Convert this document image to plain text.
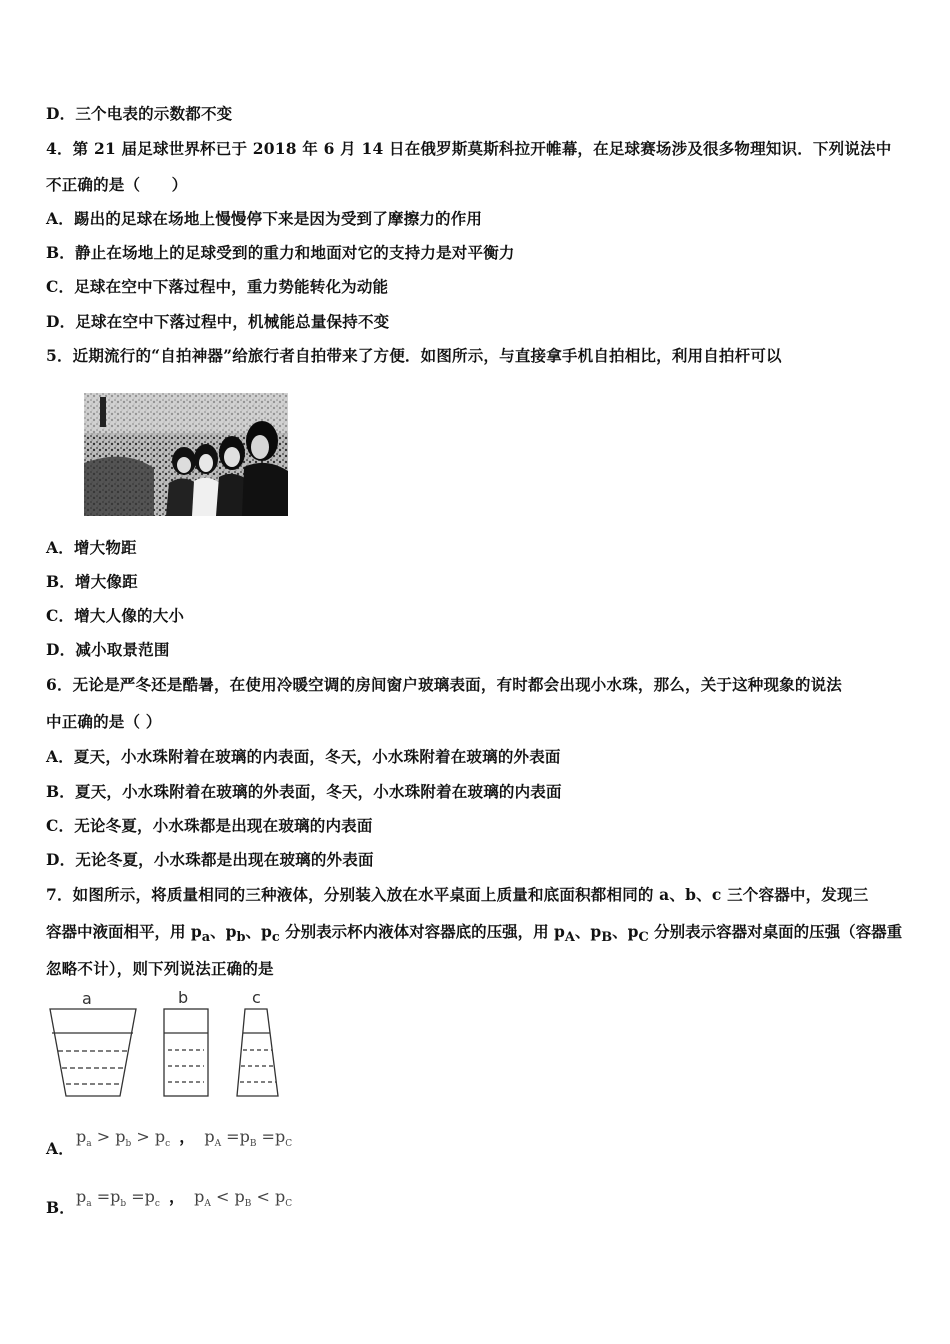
D．三个电表的示数都不变
4．第 21 届足球世界杯已于 2018 年 6 月 14 日在俄罗斯莫斯科拉开帷幕，在足球赛场涉及很多物理知识．下列说法中
不正确的是（　　）
A．踢出的足球在场地上慢慢停下来是因为受到了摩擦力的作用
B．静止在场地上的足球受到的重力和地面对它的支持力是对平衡力
C．足球在空中下落过程中，重力势能转化为动能
D．足球在空中下落过程中，机械能总量保持不变
5．近期流行的“自拍神器”给旅行者自拍带来了方便．如图所示，与直接拿手机自拍相比，利用自拍杆可以
A．增大物距
B．增大像距
C．增大人像的大小
D．减小取景范围
6．无论是严冬还是酷暑，在使用冷暖空调的房间窗户玻璃表面，有时都会出现小水珠，那么，关于这种现象的说法
中正确的是（ ）
A．夏天，小水珠附着在玻璃的内表面，冬天，小水珠附着在玻璃的外表面
B．夏天，小水珠附着在玻璃的外表面，冬天，小水珠附着在玻璃的内表面
C．无论冬夏，小水珠都是出现在玻璃的内表面
D．无论冬夏，小水珠都是出现在玻璃的外表面
7．如图所示，将质量相同的三种液体，分别装入放在水平桌面上质量和底面积都相同的 a、b、c 三个容器中，发现三
容器中液面相平，用 $p_a$、$p_b$、$p_c$ 分别表示杯内液体对容器底的压强，用 $p_A$、$p_B$、$p_C$ 分别表示容器对桌面的压强（容器重
忽略不计），则下列说法正确的是
a	b	c
A．
$p_a > p_b > p_c$ ， $p_A =p_B =p_C$
B．
$p_a =p_b =p_c$ ， $p_A < p_B < p_C$
